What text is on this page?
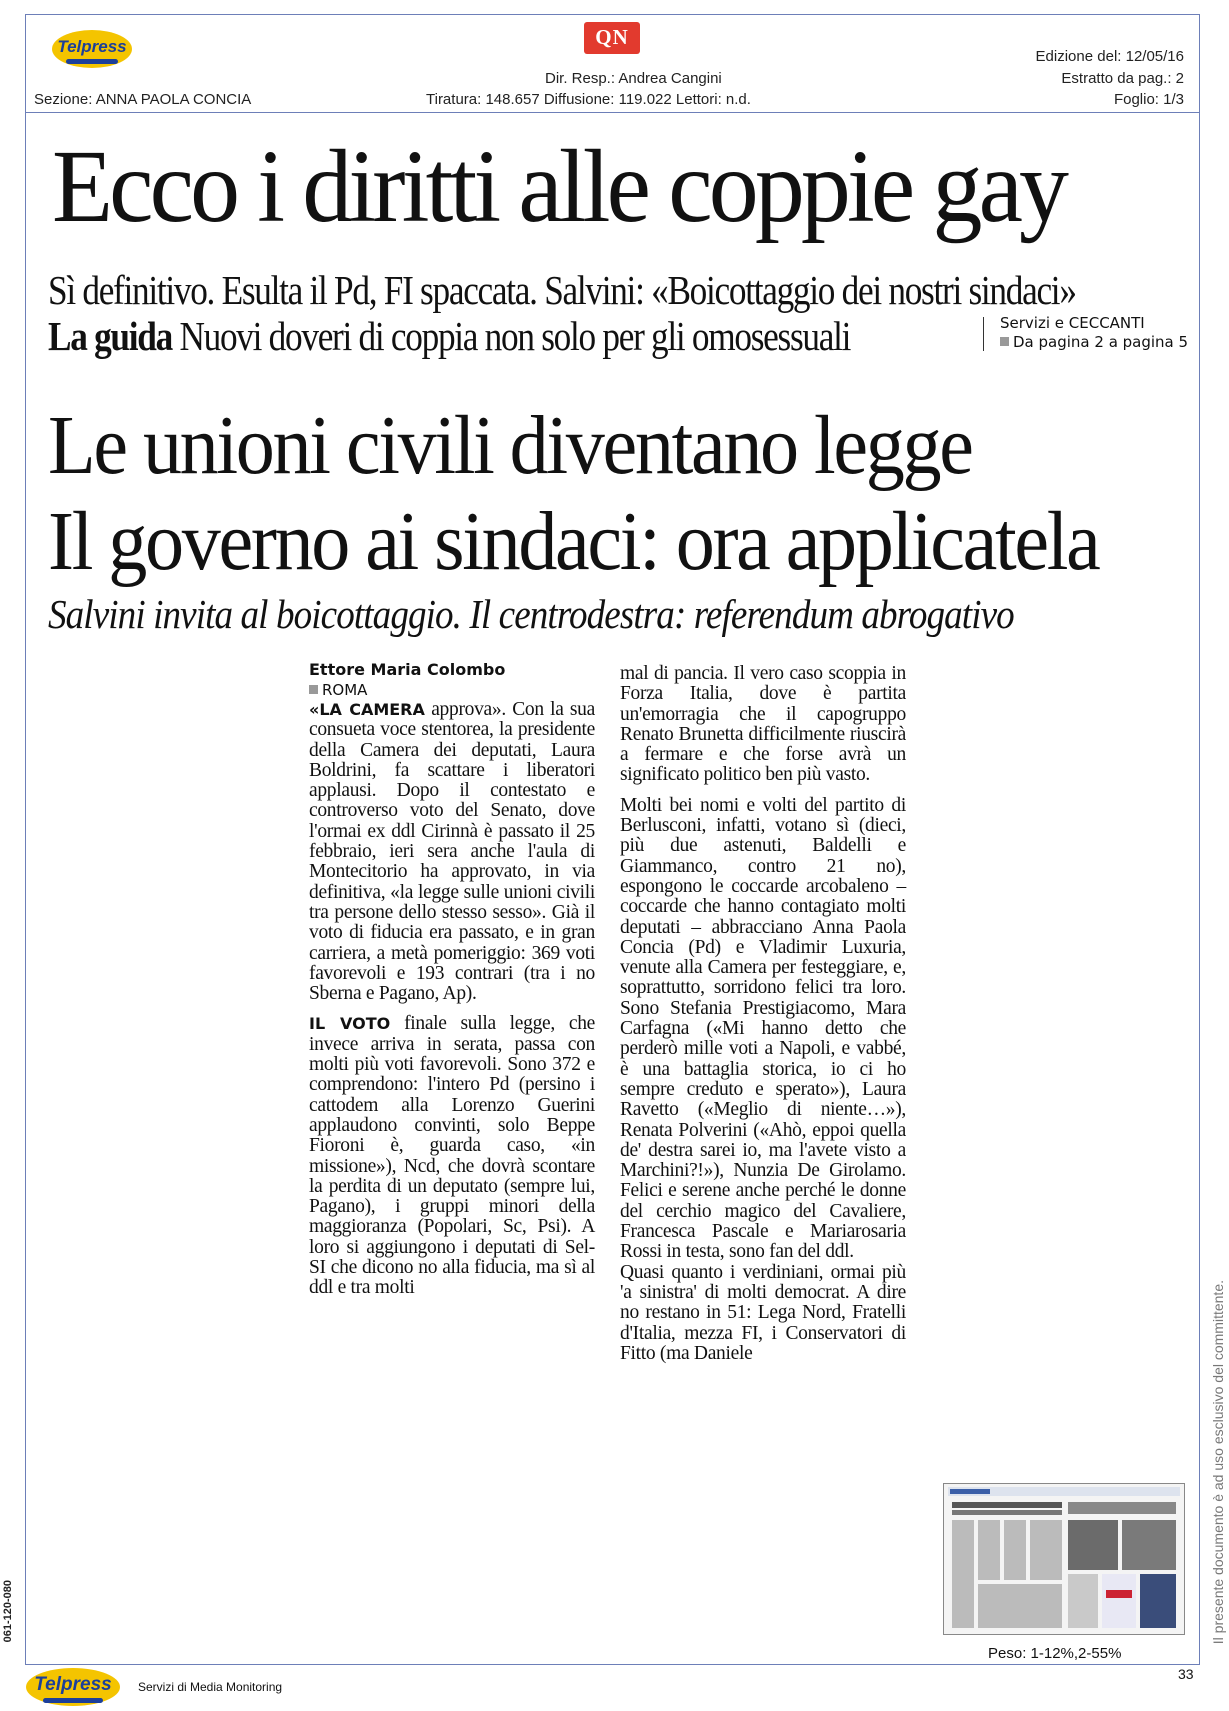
Telpress	QN
Sezione: ANNA PAOLA CONCIA
Dir. Resp.: Andrea Cangini
Tiratura: 148.657 Diffusione: 119.022 Lettori: n.d.
Edizione del: 12/05/16
Estratto da pag.: 2
Foglio: 1/3
Ecco i diritti alle coppie gay
Sì definitivo. Esulta il Pd, FI spaccata. Salvini: «Boicottaggio dei nostri sindaci»
La guida Nuovi doveri di coppia non solo per gli omosessuali	Servizi e CECCANTI
Da pagina 2 a pagina 5
Le unioni civili diventano legge
Il governo ai sindaci: ora applicatela
Salvini invita al boicottaggio. Il centrodestra: referendum abrogativo
Ettore Maria Colombo
ROMA

«LA CAMERA approva». Con la sua consueta voce stentorea, la presidente della Camera dei deputati, Laura Boldrini, fa scattare i liberatori applausi. Dopo il contestato e controverso voto del Senato, dove l'ormai ex ddl Cirinnà è passato il 25 febbraio, ieri sera anche l'aula di Montecitorio ha approvato, in via definitiva, «la legge sulle unioni civili tra persone dello stesso sesso». Già il voto di fiducia era passato, e in gran carriera, a metà pomeriggio: 369 voti favorevoli e 193 contrari (tra i no Sberna e Pagano, Ap).

IL VOTO finale sulla legge, che invece arriva in serata, passa con molti più voti favorevoli. Sono 372 e comprendono: l'intero Pd (persino i cattodem alla Lorenzo Guerini applaudono convinti, solo Beppe Fioroni è, guarda caso, «in missione»), Ncd, che dovrà scontare la perdita di un deputato (sempre lui, Pagano), i gruppi minori della maggioranza (Popolari, Sc, Psi). A loro si aggiungono i deputati di Sel-SI che dicono no alla fiducia, ma sì al ddl e tra molti

mal di pancia. Il vero caso scoppia in Forza Italia, dove è partita un'emorragia che il capogruppo Renato Brunetta difficilmente riuscirà a fermare e che forse avrà un significato politico ben più vasto.

Molti bei nomi e volti del partito di Berlusconi, infatti, votano sì (dieci, più due astenuti, Baldelli e Giammanco, contro 21 no), espongono le coccarde arcobaleno – coccarde che hanno contagiato molti deputati – abbracciano Anna Paola Concia (Pd) e Vladimir Luxuria, venute alla Camera per festeggiare, e, soprattutto, sorridono felici tra loro. Sono Stefania Prestigiacomo, Mara Carfagna («Mi hanno detto che perderò mille voti a Napoli, e vabbé, è una battaglia storica, io ci ho sempre creduto e sperato»), Laura Ravetto («Meglio di niente…»), Renata Polverini («Ahò, eppoi quella de' destra sarei io, ma l'avete visto a Marchini?!»), Nunzia De Girolamo. Felici e serene anche perché le donne del cerchio magico del Cavaliere, Francesca Pascale e Mariarosaria Rossi in testa, sono fan del ddl.

Quasi quanto i verdiniani, ormai più 'a sinistra' di molti democrat. A dire no restano in 51: Lega Nord, Fratelli d'Italia, mezza FI, i Conservatori di Fitto (ma Daniele

Peso: 1-12%,2-55%
Il presente documento è ad uso esclusivo del committente.
061-120-080
Telpress	Servizi di Media Monitoring
33
